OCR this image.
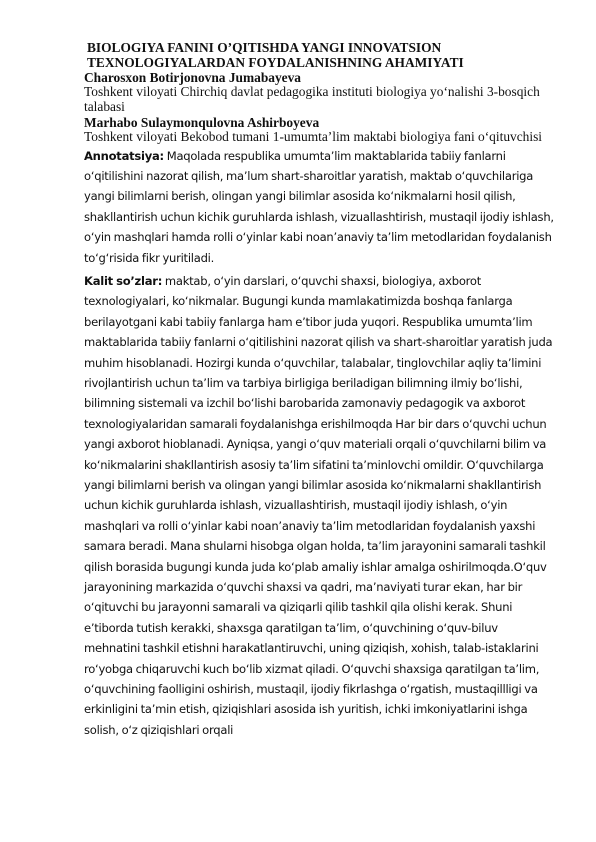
BIOLOGIYA FANINI O’QITISHDA YANGI INNOVATSION
TEXNOLOGIYALARDAN FOYDALANISHNING AHAMIYATI

Charosxon Botirjonovna Jumabayeva

Toshkent viloyati Chirchiq davlat pedagogika instituti biologiya yo‘nalishi 3-bosqich talabasi

Marhabo Sulaymonqulovna Ashirboyeva

Toshkent viloyati Bekobod tumani 1-umumta’lim maktabi biologiya fani o‘qituvchisi

Annotatsiya: Maqolada respublika umumta’lim maktablarida tabiiy fanlarni o‘qitilishini nazorat qilish, ma’lum shart-sharoitlar yaratish, maktab o‘quvchilariga yangi bilimlarni berish, olingan yangi bilimlar asosida ko‘nikmalarni hosil qilish, shakllantirish uchun kichik guruhlarda ishlash, vizuallashtirish, mustaqil ijodiy ishlash, o‘yin mashqlari hamda rolli o‘yinlar kabi noan’anaviy ta’lim metodlaridan foydalanish to‘g‘risida fikr yuritiladi.

Kalit so’zlar: maktab, o‘yin darslari, o‘quvchi shaxsi, biologiya, axborot texnologiyalari, ko‘nikmalar. Bugungi kunda mamlakatimizda boshqa fanlarga berilayotgani kabi tabiiy fanlarga ham e’tibor juda yuqori. Respublika umumta’lim maktablarida tabiiy fanlarni o‘qitilishini nazorat qilish va shart-sharoitlar yaratish juda muhim hisoblanadi. Hozirgi kunda o‘quvchilar, talabalar, tinglovchilar aqliy ta’limini rivojlantirish uchun ta’lim va tarbiya birligiga beriladigan bilimning ilmiy bo‘lishi, bilimning sistemali va izchil bo‘lishi barobarida zamonaviy pedagogik va axborot texnologiyalaridan samarali foydalanishga erishilmoqda Har bir dars o‘quvchi uchun yangi axborot hioblanadi. Ayniqsa, yangi o‘quv materiali orqali o‘quvchilarni bilim va ko‘nikmalarini shakllantirish asosiy ta’lim sifatini ta’minlovchi omildir. O‘quvchilarga yangi bilimlarni berish va olingan yangi bilimlar asosida ko‘nikmalarni shakllantirish uchun kichik guruhlarda ishlash, vizuallashtirish, mustaqil ijodiy ishlash, o‘yin mashqlari va rolli o‘yinlar kabi noan’anaviy ta’lim metodlaridan foydalanish yaxshi samara beradi. Mana shularni hisobga olgan holda, ta’lim jarayonini samarali tashkil qilish borasida bugungi kunda juda ko‘plab amaliy ishlar amalga oshirilmoqda.O‘quv jarayonining markazida o‘quvchi shaxsi va qadri, ma’naviyati turar ekan, har bir o‘qituvchi bu jarayonni samarali va qiziqarli qilib tashkil qila olishi kerak. Shuni e’tiborda tutish kerakki, shaxsga qaratilgan ta’lim, o‘quvchining o‘quv-biluv mehnatini tashkil etishni harakatlantiruvchi, uning qiziqish, xohish, talab-istaklarini ro‘yobga chiqaruvchi kuch bo‘lib xizmat qiladi. O‘quvchi shaxsiga qaratilgan ta’lim, o‘quvchining faolligini oshirish, mustaqil, ijodiy fikrlashga o‘rgatish, mustaqillligi va erkinligini ta’min etish, qiziqishlari asosida ish yuritish, ichki imkoniyatlarini ishga solish, o‘z qiziqishlari orqali
